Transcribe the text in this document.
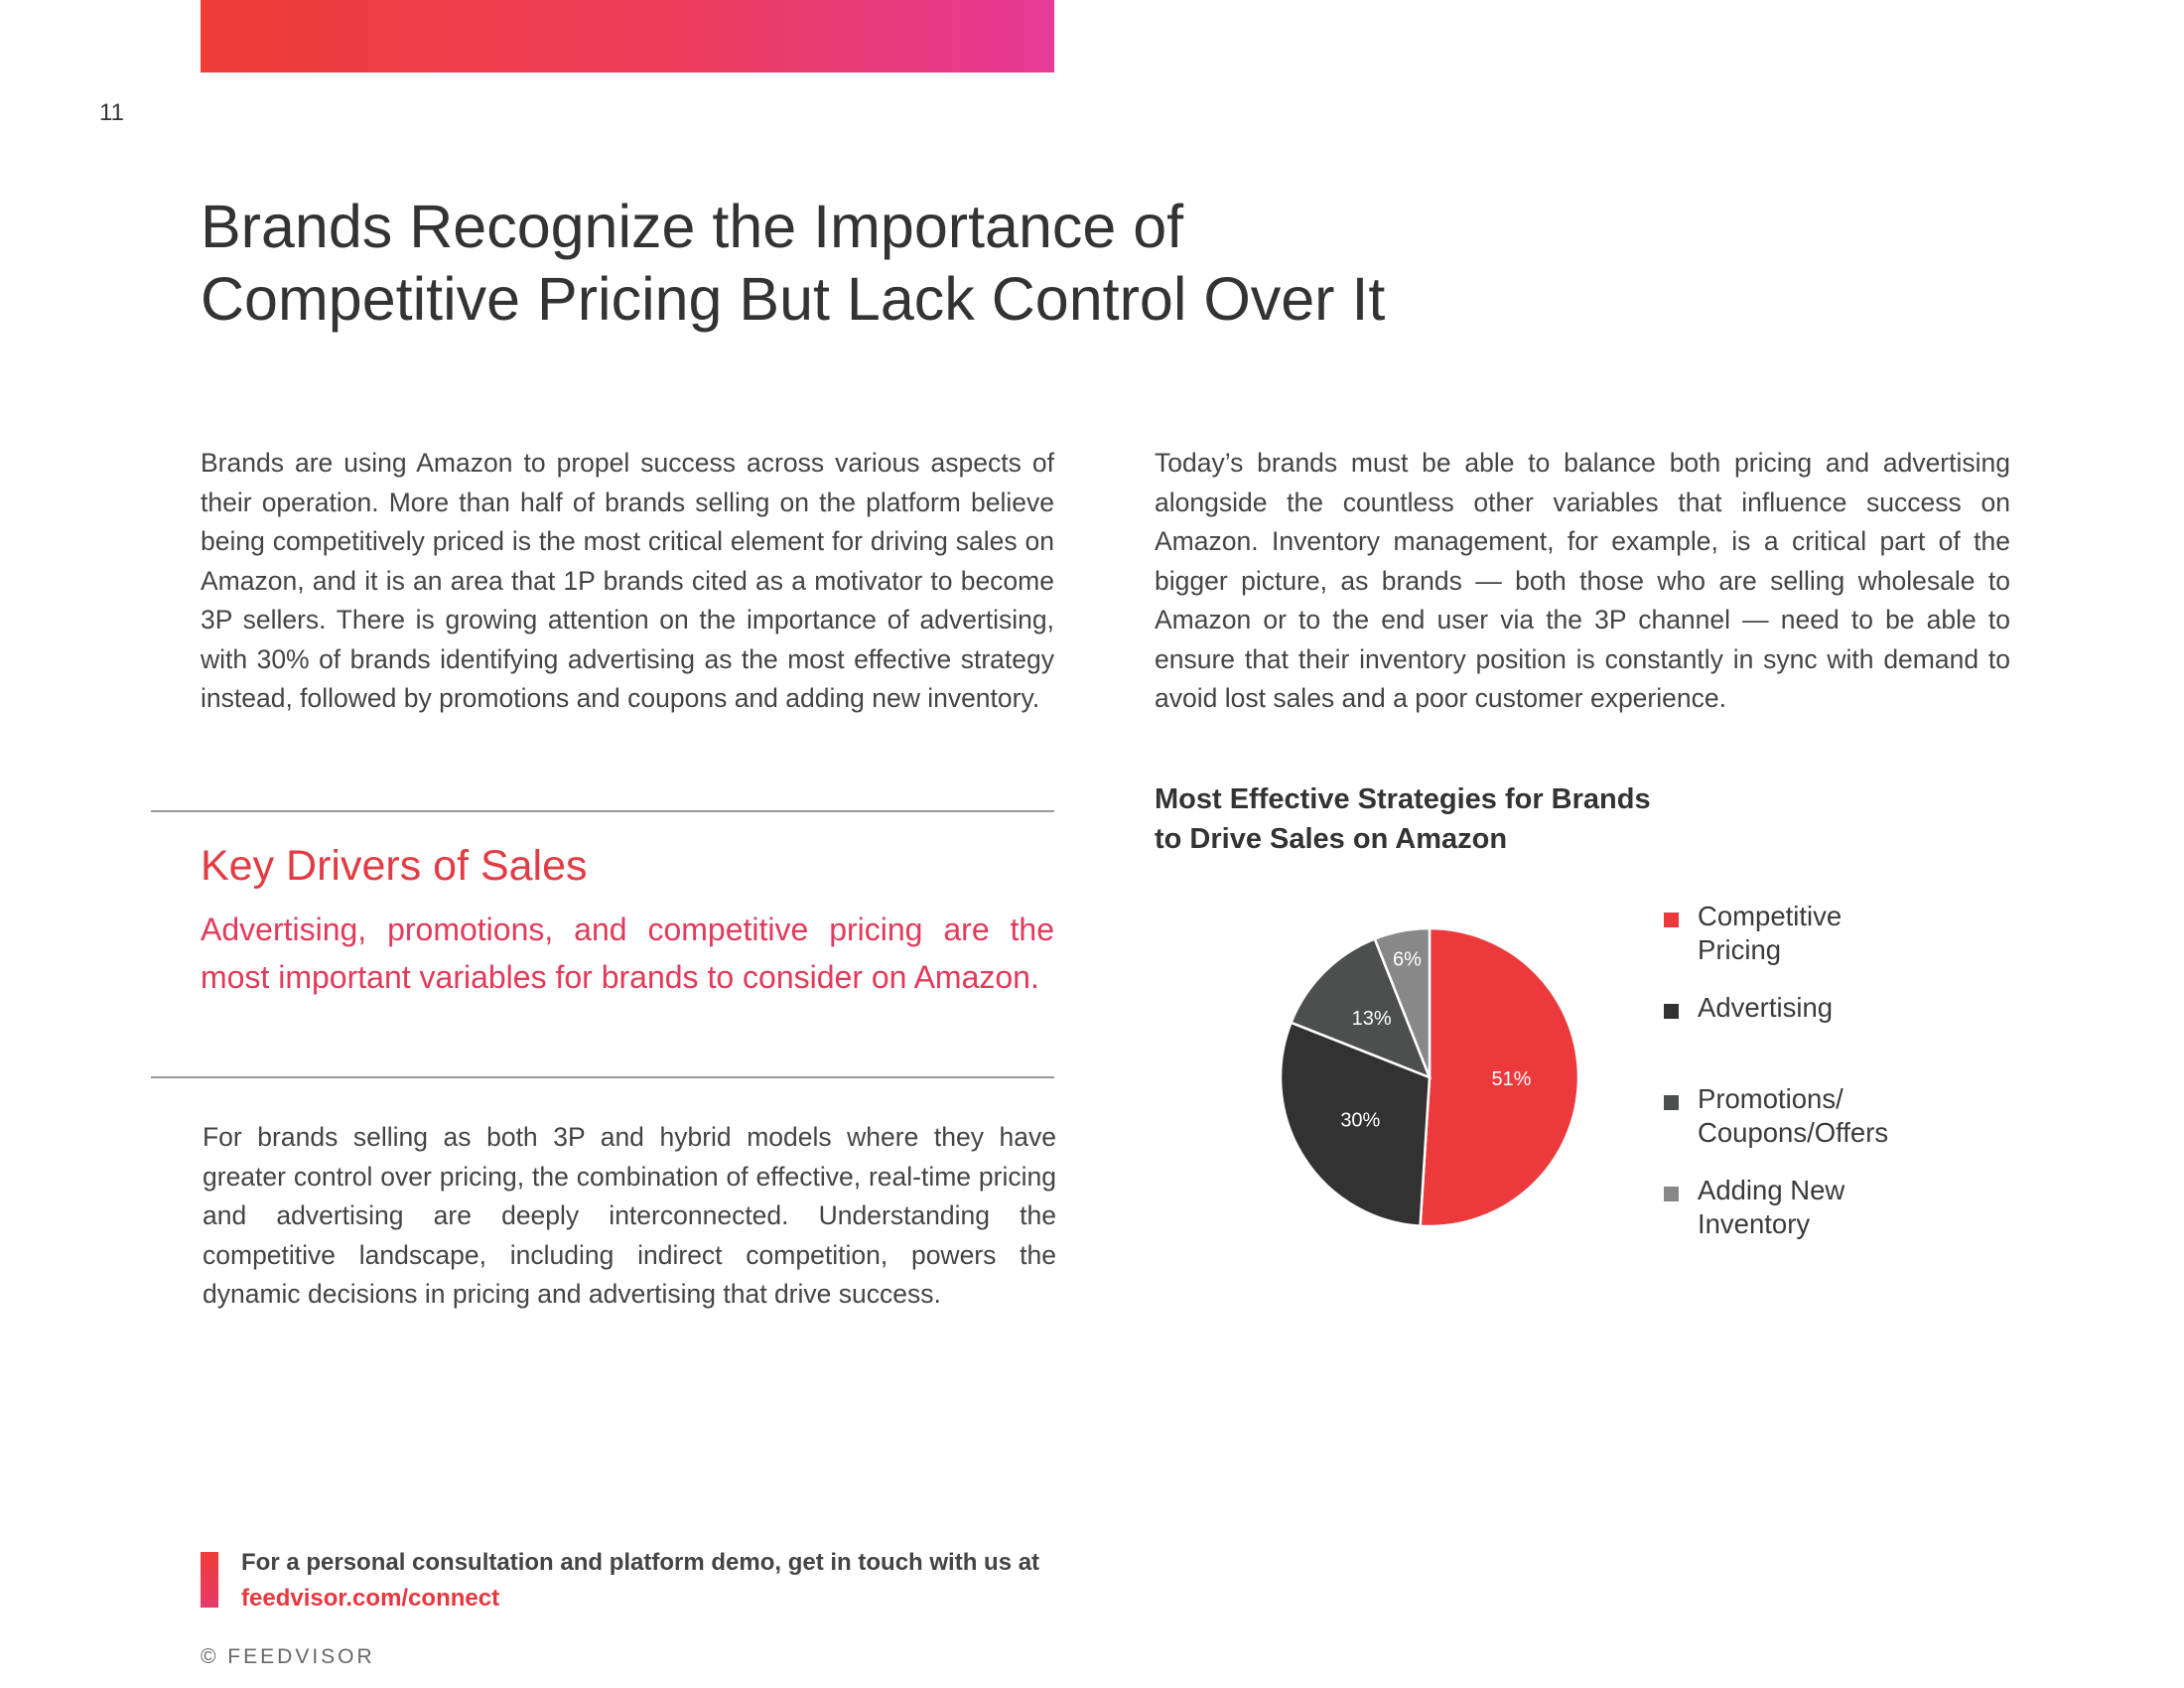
11
Brands Recognize the Importance of
Competitive Pricing But Lack Control Over It

Brands are using Amazon to propel success across various aspects of their operation. More than half of brands selling on the platform believe being competitively priced is the most critical element for driving sales on Amazon, and it is an area that 1P brands cited as a motivator to become 3P sellers. There is growing attention on the importance of advertising, with 30% of brands identifying advertising as the most effective strategy instead, followed by promotions and coupons and adding new inventory.

Today’s brands must be able to balance both pricing and advertising alongside the countless other variables that influence success on Amazon. Inventory management, for example, is a critical part of the bigger picture, as brands — both those who are selling wholesale to Amazon or to the end user via the 3P channel — need to be able to ensure that their inventory position is constantly in sync with demand to avoid lost sales and a poor customer experience.

Key Drivers of Sales

Advertising, promotions, and competitive pricing are the most important variables for brands to consider on Amazon.

For brands selling as both 3P and hybrid models where they have greater control over pricing, the combination of effective, real-time pricing and advertising are deeply interconnected. Understanding the competitive landscape, including indirect competition, powers the dynamic decisions in pricing and advertising that drive success.

Most Effective Strategies for Brands
to Drive Sales on Amazon
51%
30%
13%
6%
Competitive
Pricing
Advertising
Promotions/
Coupons/Offers
Adding New
Inventory

For a personal consultation and platform demo, get in touch with us at feedvisor.com/connect

© FEEDVISOR
